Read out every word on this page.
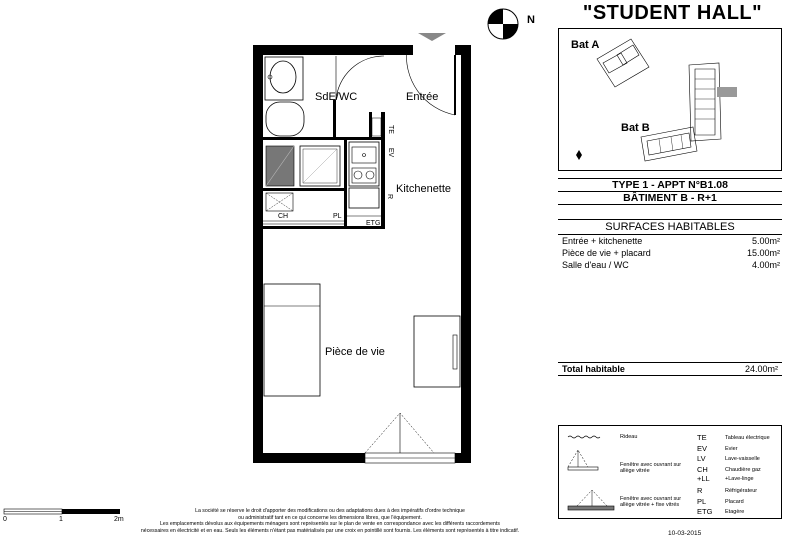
SdE/WC	Entrée
Kitchenette
Pièce de vie
TE
EV
R
CH	PL
ETG
N	"STUDENT HALL"
Bat A
Bat B
TYPE 1 - APPT N°B1.08
BÂTIMENT B - R+1
SURFACES HABITABLES
Entrée + kitchenette	5.00m²
Pièce de vie + placard	15.00m²
Salle d'eau / WC	4.00m²
Total habitable	24.00m²
Rideau
Fenêtre avec ouvrant sur allège vitrée
Fenêtre avec ouvrant sur allège vitrée + fixe vitrés
TE	Tableau électrique
EV	Evier
LV	Lave-vaisselle
CH	Chaudière gaz
+LL	+Lave-linge
R	Réfrigérateur
PL	Placard
ETG Etagère
0	1	2m
La société se réserve le droit d'apporter des modifications ou des adaptations dues à des impératifs d'ordre technique
ou administratif tant en ce qui concerne les dimensions libres, que l'équipement.
Les emplacements dévolus aux équipements ménagers sont représentés sur le plan de vente en correspondance avec les différents raccordements
nécessaires en électricité et en eau. Seuls les éléments n'étant pas matérialisés par une croix en pointillé sont fournis. Les éléments sont représentés à titre indicatif.	10-03-2015
